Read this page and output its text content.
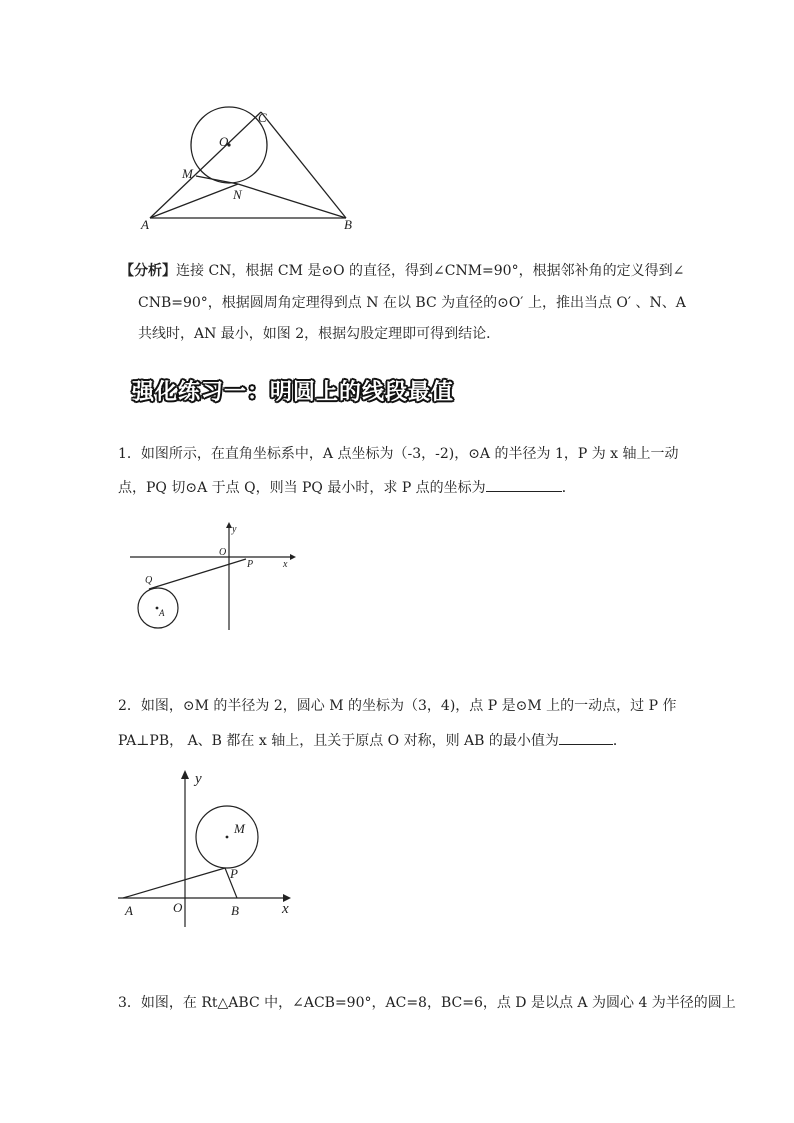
C
O
M
N
A	B
【分析】连接 CN，根据 CM 是⊙O 的直径，得到∠CNM=90°，根据邻补角的定义得到∠
CNB=90°，根据圆周角定理得到点 N 在以 BC 为直径的⊙O′ 上，推出当点 O′ 、N、A
共线时，AN 最小，如图 2，根据勾股定理即可得到结论．
强化练习一：明圆上的线段最值
1．如图所示，在直角坐标系中，A 点坐标为（-3，-2)，⊙A 的半径为 1，P 为 x 轴上一动
点，PQ 切⊙A 于点 Q，则当 PQ 最小时，求 P 点的坐标为	．
y
O
P	x
Q
A
2．如图，⊙M 的半径为 2，圆心 M 的坐标为（3，4)，点 P 是⊙M 上的一动点，过 P 作
PA⊥PB， A、B 都在 x 轴上，且关于原点 O 对称，则 AB 的最小值为	．
y
M
P
A	O	B	x
3．如图，在 Rt△ABC 中，∠ACB=90°，AC=8，BC=6，点 D 是以点 A 为圆心 4 为半径的圆上
